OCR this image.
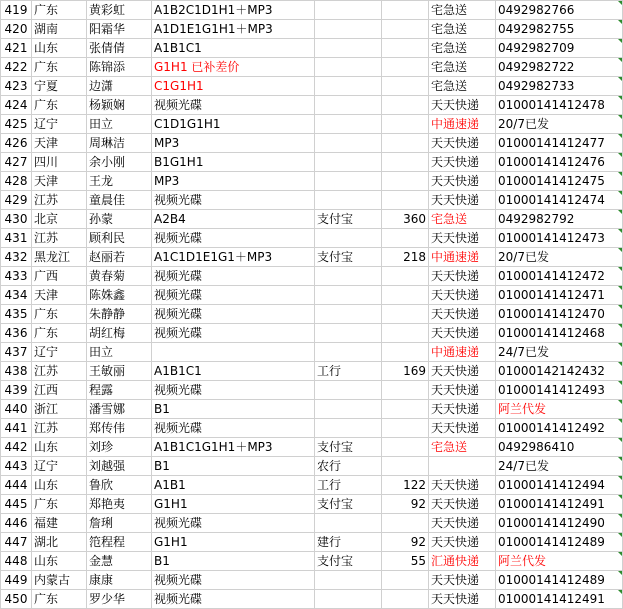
419	广东	黄彩虹	A1B2C1D1H1＋MP3			宅急送	0492982766
420	湖南	阳霜华	A1D1E1G1H1＋MP3			宅急送	0492982755
421	山东	张倩倩	A1B1C1			宅急送	0492982709
422	广东	陈锦添	G1H1 已补差价			宅急送	0492982722
423	宁夏	边潇	C1G1H1			宅急送	0492982733
424	广东	杨颖娴	视频光碟			天天快递	01000141412478
425	辽宁	田立	C1D1G1H1			中通速递	20/7已发
426	天津	周琳洁	MP3			天天快递	01000141412477
427	四川	余小刚	B1G1H1			天天快递	01000141412476
428	天津	王龙	MP3			天天快递	01000141412475
429	江苏	童晨佳	视频光碟			天天快递	01000141412474
430	北京	孙蒙	A2B4	支付宝	360	宅急送	0492982792
431	江苏	顾利民	视频光碟			天天快递	01000141412473
432	黑龙江	赵丽若	A1C1D1E1G1＋MP3	支付宝	218	中通速递	20/7已发
433	广西	黄春菊	视频光碟			天天快递	01000141412472
434	天津	陈姝鑫	视频光碟			天天快递	01000141412471
435	广东	朱静静	视频光碟			天天快递	01000141412470
436	广东	胡红梅	视频光碟			天天快递	01000141412468
437	辽宁	田立				中通速递	24/7已发
438	江苏	王敏丽	A1B1C1	工行	169	天天快递	01000142142432
439	江西	程露	视频光碟			天天快递	01000141412493
440	浙江	潘雪娜	B1			天天快递	阿兰代发
441	江苏	郑传伟	视频光碟			天天快递	01000141412492
442	山东	刘珍	A1B1C1G1H1＋MP3	支付宝		宅急送	0492986410
443	辽宁	刘越强	B1	农行			24/7已发
444	山东	鲁欣	A1B1	工行	122	天天快递	01000141412494
445	广东	郑艳夷	G1H1	支付宝	92	天天快递	01000141412491
446	福建	詹琍	视频光碟			天天快递	01000141412490
447	湖北	笵程程	G1H1	建行	92	天天快递	01000141412489
448	山东	金慧	B1	支付宝	55	汇通快递	阿兰代发
449	内蒙古	康康	视频光碟			天天快递	01000141412489
450	广东	罗少华	视频光碟			天天快递	01000141412491
